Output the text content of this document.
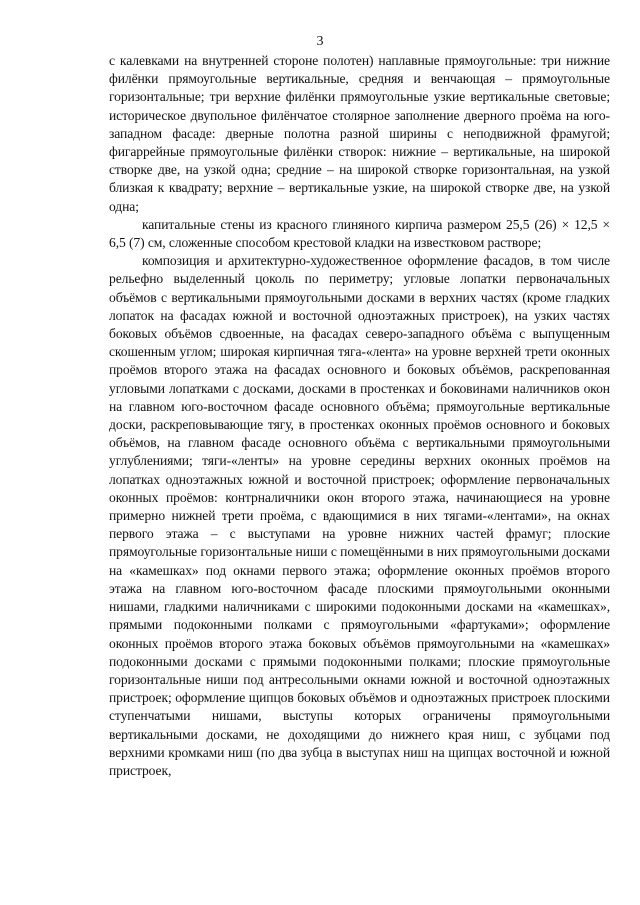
3

с калевками на внутренней стороне полотен) наплавные прямоугольные: три нижние филёнки прямоугольные вертикальные, средняя и венчающая – прямоугольные горизонтальные; три верхние филёнки прямоугольные узкие вертикальные световые; историческое двупольное филёнчатое столярное заполнение дверного проёма на юго-западном фасаде: дверные полотна разной ширины с неподвижной фрамугой; фигаррейные прямоугольные филёнки створок: нижние – вертикальные, на широкой створке две, на узкой одна; средние – на широкой створке горизонтальная, на узкой близкая к квадрату; верхние – вертикальные узкие, на широкой створке две, на узкой одна;

капитальные стены из красного глиняного кирпича размером 25,5 (26) × 12,5 × 6,5 (7) см, сложенные способом крестовой кладки на известковом растворе;

композиция и архитектурно-художественное оформление фасадов, в том числе рельефно выделенный цоколь по периметру; угловые лопатки первоначальных объёмов с вертикальными прямоугольными досками в верхних частях (кроме гладких лопаток на фасадах южной и восточной одноэтажных пристроек), на узких частях боковых объёмов сдвоенные, на фасадах северо-западного объёма с выпущенным скошенным углом; широкая кирпичная тяга-«лента» на уровне верхней трети оконных проёмов второго этажа на фасадах основного и боковых объёмов, раскрепованная угловыми лопатками с досками, досками в простенках и боковинами наличников окон на главном юго-восточном фасаде основного объёма; прямоугольные вертикальные доски, раскреповывающие тягу, в простенках оконных проёмов основного и боковых объёмов, на главном фасаде основного объёма с вертикальными прямоугольными углублениями; тяги-«ленты» на уровне середины верхних оконных проёмов на лопатках одноэтажных южной и восточной пристроек; оформление первоначальных оконных проёмов: контрналичники окон второго этажа, начинающиеся на уровне примерно нижней трети проёма, с вдающимися в них тягами-«лентами», на окнах первого этажа – с выступами на уровне нижних частей фрамуг; плоские прямоугольные горизонтальные ниши с помещёнными в них прямоугольными досками на «камешках» под окнами первого этажа; оформление оконных проёмов второго этажа на главном юго-восточном фасаде плоскими прямоугольными оконными нишами, гладкими наличниками с широкими подоконными досками на «камешках», прямыми подоконными полками с прямоугольными «фартуками»; оформление оконных проёмов второго этажа боковых объёмов прямоугольными на «камешках» подоконными досками с прямыми подоконными полками; плоские прямоугольные горизонтальные ниши под антресольными окнами южной и восточной одноэтажных пристроек; оформление щипцов боковых объёмов и одноэтажных пристроек плоскими ступенчатыми нишами, выступы которых ограничены прямоугольными вертикальными досками, не доходящими до нижнего края ниш, с зубцами под верхними кромками ниш (по два зубца в выступах ниш на щипцах восточной и южной пристроек,
